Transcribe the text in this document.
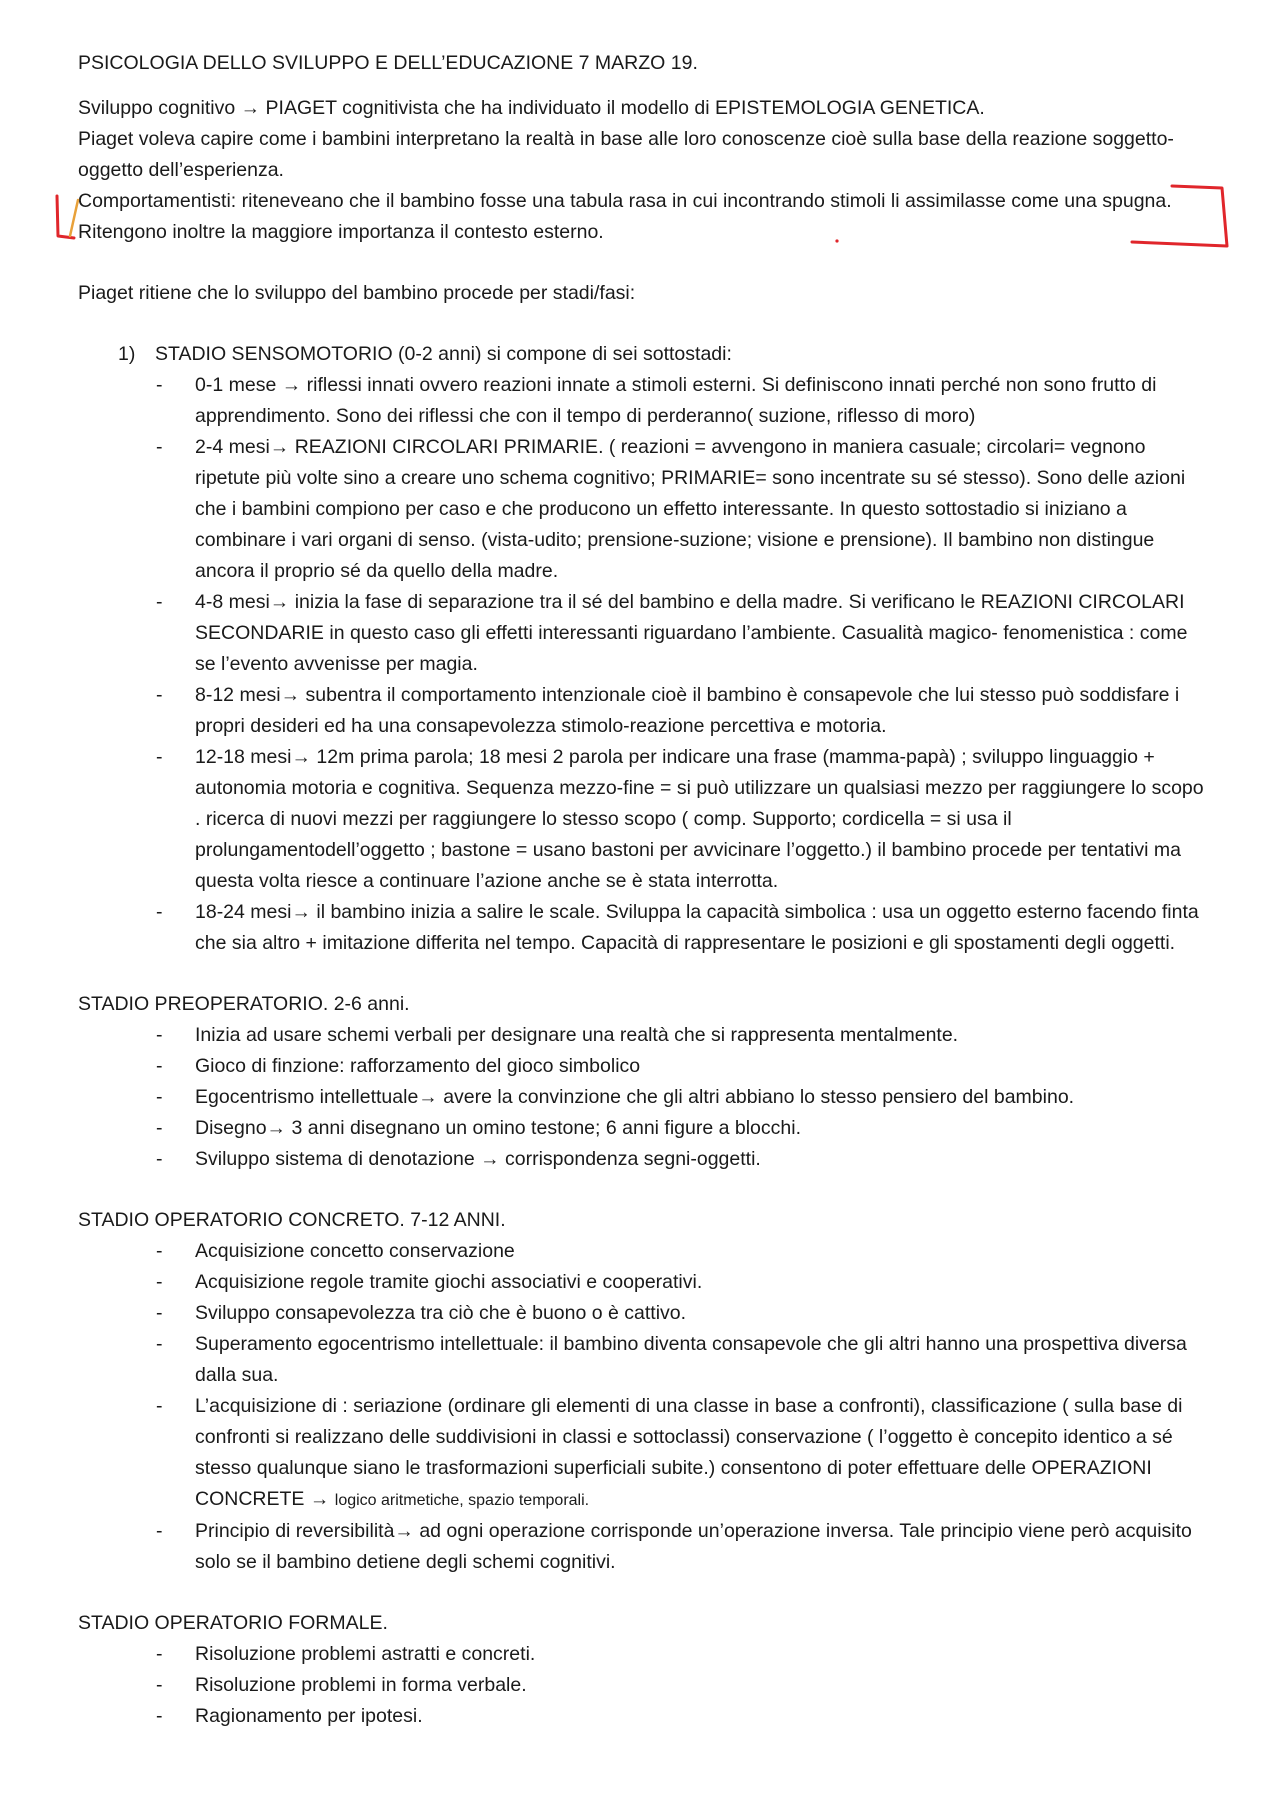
PSICOLOGIA DELLO SVILUPPO E DELL’EDUCAZIONE 7 MARZO 19.

Sviluppo cognitivo → PIAGET cognitivista che ha individuato il modello di EPISTEMOLOGIA GENETICA.

Piaget voleva capire come i bambini interpretano la realtà in base alle loro conoscenze cioè sulla base della reazione soggetto- oggetto dell’esperienza.

Comportamentisti: riteneveano che il bambino fosse una tabula rasa in cui incontrando stimoli li assimilasse come una spugna. Ritengono inoltre la maggiore importanza il contesto esterno.

Piaget ritiene che lo sviluppo del bambino procede per stadi/fasi:

1)	STADIO SENSOMOTORIO (0-2 anni) si compone di sei sottostadi:
- 0-1 mese → riflessi innati ovvero reazioni innate a stimoli esterni. Si definiscono innati perché non sono frutto di apprendimento. Sono dei riflessi che con il tempo di perderanno( suzione, riflesso di moro)
- 2-4 mesi→ REAZIONI CIRCOLARI PRIMARIE. ( reazioni = avvengono in maniera casuale; circolari= vegnono ripetute più volte sino a creare uno schema cognitivo; PRIMARIE= sono incentrate su sé stesso). Sono delle azioni che i bambini compiono per caso e che producono un effetto interessante. In questo sottostadio si iniziano a combinare i vari organi di senso. (vista-udito; prensione-suzione; visione e prensione). Il bambino non distingue ancora il proprio sé da quello della madre.
- 4-8 mesi→ inizia la fase di separazione tra il sé del bambino e della madre. Si verificano le REAZIONI CIRCOLARI SECONDARIE in questo caso gli effetti interessanti riguardano l’ambiente. Casualità magico- fenomenistica : come se l’evento avvenisse per magia.
- 8-12 mesi→ subentra il comportamento intenzionale cioè il bambino è consapevole che lui stesso può soddisfare i propri desideri ed ha una consapevolezza stimolo-reazione percettiva e motoria.
- 12-18 mesi→ 12m prima parola; 18 mesi 2 parola per indicare una frase (mamma-papà) ; sviluppo linguaggio + autonomia motoria e cognitiva. Sequenza mezzo-fine = si può utilizzare un qualsiasi mezzo per raggiungere lo scopo . ricerca di nuovi mezzi per raggiungere lo stesso scopo ( comp. Supporto; cordicella = si usa il prolungamentodell’oggetto ; bastone = usano bastoni per avvicinare l’oggetto.) il bambino procede per tentativi ma questa volta riesce a continuare l’azione anche se è stata interrotta.
- 18-24 mesi→ il bambino inizia a salire le scale. Sviluppa la capacità simbolica : usa un oggetto esterno facendo finta che sia altro + imitazione differita nel tempo. Capacità di rappresentare le posizioni e gli spostamenti degli oggetti.

STADIO PREOPERATORIO. 2-6 anni.

- Inizia ad usare schemi verbali per designare una realtà che si rappresenta mentalmente.
- Gioco di finzione: rafforzamento del gioco simbolico
- Egocentrismo intellettuale→ avere la convinzione che gli altri abbiano lo stesso pensiero del bambino.
- Disegno→ 3 anni disegnano un omino testone; 6 anni figure a blocchi.
- Sviluppo sistema di denotazione → corrispondenza segni-oggetti.

STADIO OPERATORIO CONCRETO. 7-12 ANNI.

- Acquisizione concetto conservazione
- Acquisizione regole tramite giochi associativi e cooperativi.
- Sviluppo consapevolezza tra ciò che è buono o è cattivo.
- Superamento egocentrismo intellettuale: il bambino diventa consapevole che gli altri hanno una prospettiva diversa dalla sua.
- L’acquisizione di : seriazione (ordinare gli elementi di una classe in base a confronti), classificazione ( sulla base di confronti si realizzano delle suddivisioni in classi e sottoclassi) conservazione ( l’oggetto è concepito identico a sé stesso qualunque siano le trasformazioni superficiali subite.) consentono di poter effettuare delle OPERAZIONI CONCRETE → logico aritmetiche, spazio temporali.
- Principio di reversibilità→ ad ogni operazione corrisponde un’operazione inversa. Tale principio viene però acquisito solo se il bambino detiene degli schemi cognitivi.

STADIO OPERATORIO FORMALE.

- Risoluzione problemi astratti e concreti.
- Risoluzione problemi in forma verbale.
- Ragionamento per ipotesi.
